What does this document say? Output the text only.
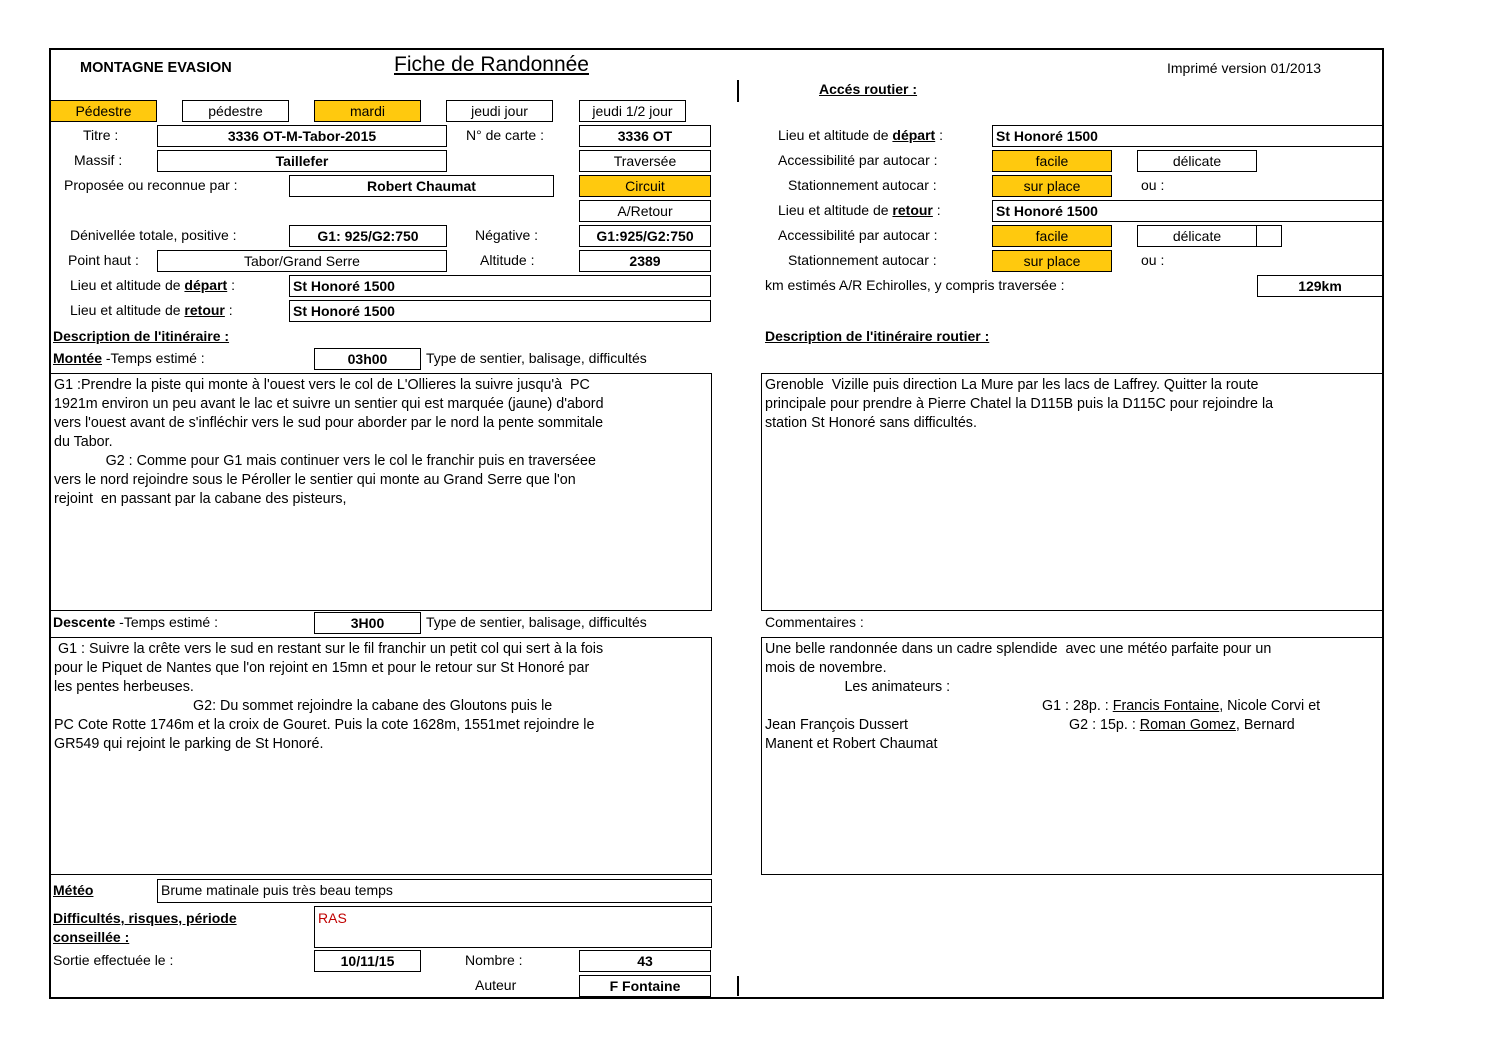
MONTAGNE EVASION	Fiche de Randonnée	Imprimé version 01/2013
Accés routier :
Pédestre	pédestre	mardi	jeudi jour	jeudi 1/2 jour
Titre :	3336 OT-M-Tabor-2015	N° de carte :	3336 OT
Massif :	Taillefer	Traversée
Proposée ou reconnue par :	Robert Chaumat	Circuit
A/Retour
Dénivellée totale, positive :	G1: 925/G2:750	Négative :	G1:925/G2:750
Point haut :	Tabor/Grand Serre	Altitude :	2389
Lieu et altitude de départ :	St Honoré 1500
Lieu et altitude de retour :	St Honoré 1500
Lieu et altitude de départ :	St Honoré 1500
Accessibilité par autocar :	facile	délicate
Stationnement autocar :	sur place	ou :
Lieu et altitude de retour :	St Honoré 1500
Accessibilité par autocar :	facile	délicate
Stationnement autocar :	sur place	ou :
km estimés A/R Echirolles, y compris traversée :	129km
Description de l'itinéraire :	Description de l'itinéraire routier :
Montée -Temps estimé :	03h00	Type de sentier, balisage, difficultés
G1 :Prendre la piste qui monte à l'ouest vers le col de L'Ollieres la suivre jusqu'à  PC
1921m environ un peu avant le lac et suivre un sentier qui est marquée (jaune) d'abord
vers l'ouest avant de s'infléchir vers le sud pour aborder par le nord la pente sommitale
du Tabor.
G2 : Comme pour G1 mais continuer vers le col le franchir puis en traverséee
vers le nord rejoindre sous le Péroller le sentier qui monte au Grand Serre que l'on
rejoint  en passant par la cabane des pisteurs,
Grenoble  Vizille puis direction La Mure par les lacs de Laffrey. Quitter la route
principale pour prendre à Pierre Chatel la D115B puis la D115C pour rejoindre la
station St Honoré sans difficultés.
Descente -Temps estimé :	3H00	Type de sentier, balisage, difficultés	Commentaires :
G1 : Suivre la crête vers le sud en restant sur le fil franchir un petit col qui sert à la fois
pour le Piquet de Nantes que l'on rejoint en 15mn et pour le retour sur St Honoré par
les pentes herbeuses.
G2: Du sommet rejoindre la cabane des Gloutons puis le
PC Cote Rotte 1746m et la croix de Gouret. Puis la cote 1628m, 1551met rejoindre le
GR549 qui rejoint le parking de St Honoré.
Une belle randonnée dans un cadre splendide  avec une météo parfaite pour un
mois de novembre.
Les animateurs :
G1 : 28p. : Francis Fontaine, Nicole Corvi et
Jean François Dussert	G2 : 15p. : Roman Gomez, Bernard
Manent et Robert Chaumat
Météo	Brume matinale puis très beau temps
Difficultés, risques, période
conseillée :
RAS
Sortie effectuée le :	10/11/15	Nombre :	43
Auteur	F Fontaine
